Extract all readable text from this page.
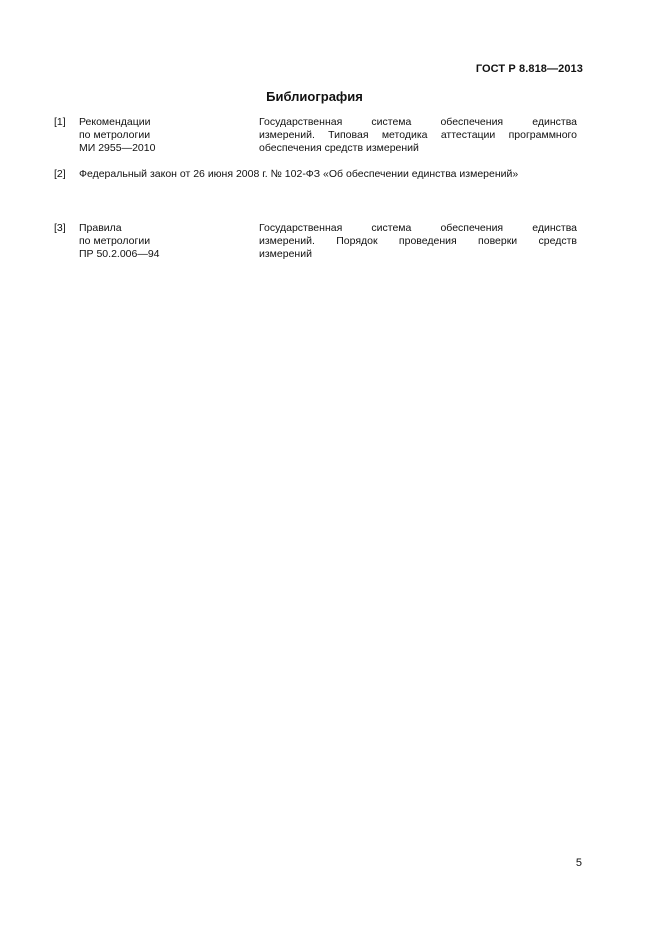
ГОСТ Р 8.818—2013
Библиография
[1] Рекомендации
по метрологии
МИ 2955—2010
Государственная система обеспечения единства
измерений. Типовая методика аттестации программного
обеспечения средств измерений
[2] Федеральный закон от 26 июня 2008 г. № 102-ФЗ «Об обеспечении единства измерений»
[3] Правила
по метрологии
ПР 50.2.006—94
Государственная система обеспечения единства
измерений. Порядок проведения поверки средств
измерений
5
